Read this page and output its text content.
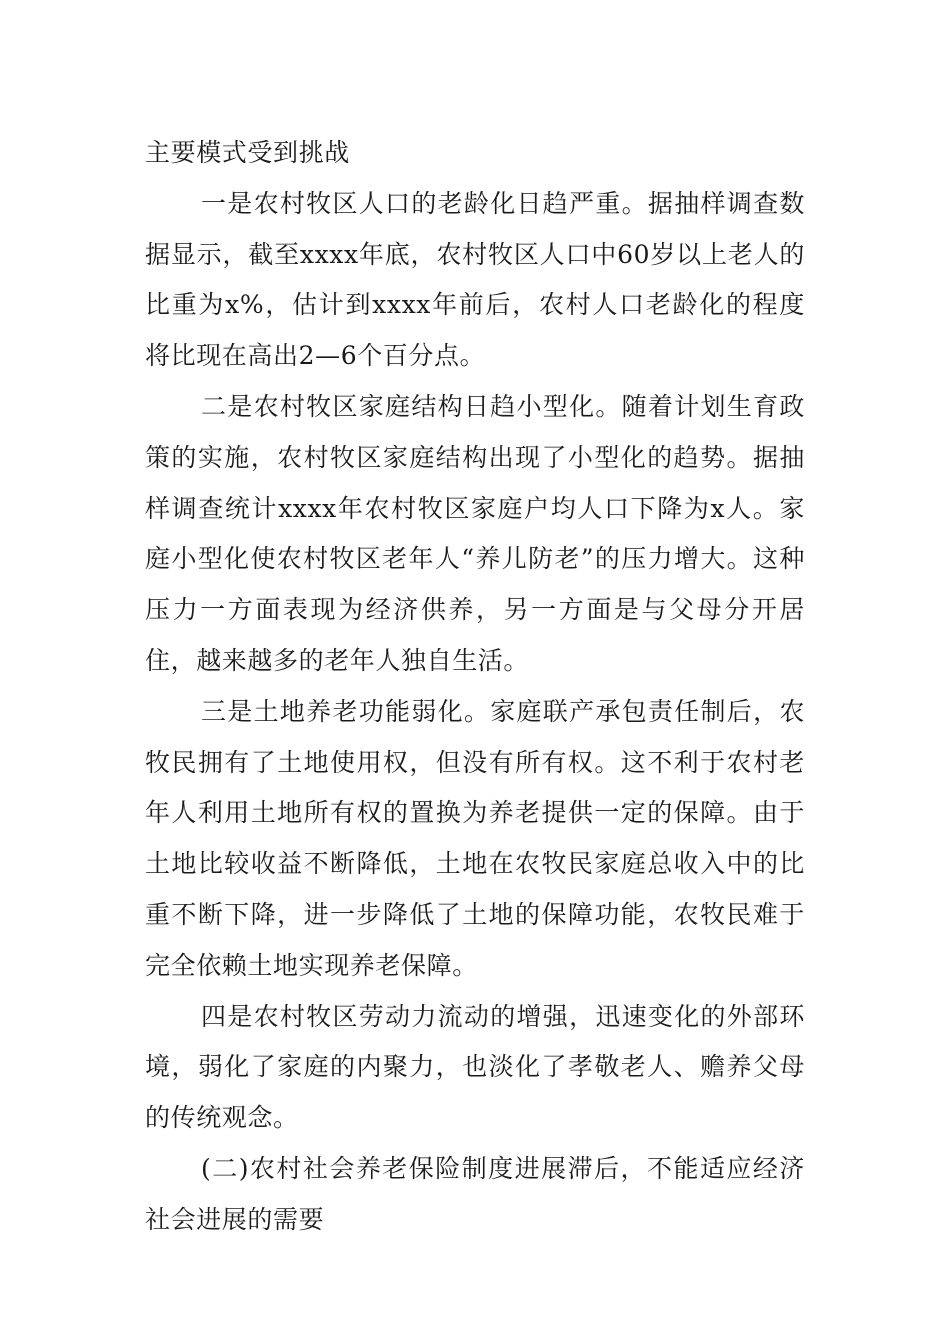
主要模式受到挑战

一是农村牧区人口的老龄化日趋严重。据抽样调查数据显示，截至xxxx年底，农村牧区人口中60岁以上老人的比重为x%，估计到xxxx年前后，农村人口老龄化的程度将比现在高出2—6个百分点。

二是农村牧区家庭结构日趋小型化。随着计划生育政策的实施，农村牧区家庭结构出现了小型化的趋势。据抽样调查统计xxxx年农村牧区家庭户均人口下降为x人。家庭小型化使农村牧区老年人“养儿防老”的压力增大。这种压力一方面表现为经济供养，另一方面是与父母分开居住，越来越多的老年人独自生活。

三是土地养老功能弱化。家庭联产承包责任制后，农牧民拥有了土地使用权，但没有所有权。这不利于农村老年人利用土地所有权的置换为养老提供一定的保障。由于土地比较收益不断降低，土地在农牧民家庭总收入中的比重不断下降，进一步降低了土地的保障功能，农牧民难于完全依赖土地实现养老保障。

四是农村牧区劳动力流动的增强，迅速变化的外部环境，弱化了家庭的内聚力，也淡化了孝敬老人、赡养父母的传统观念。

(二)农村社会养老保险制度进展滞后，不能适应经济社会进展的需要
